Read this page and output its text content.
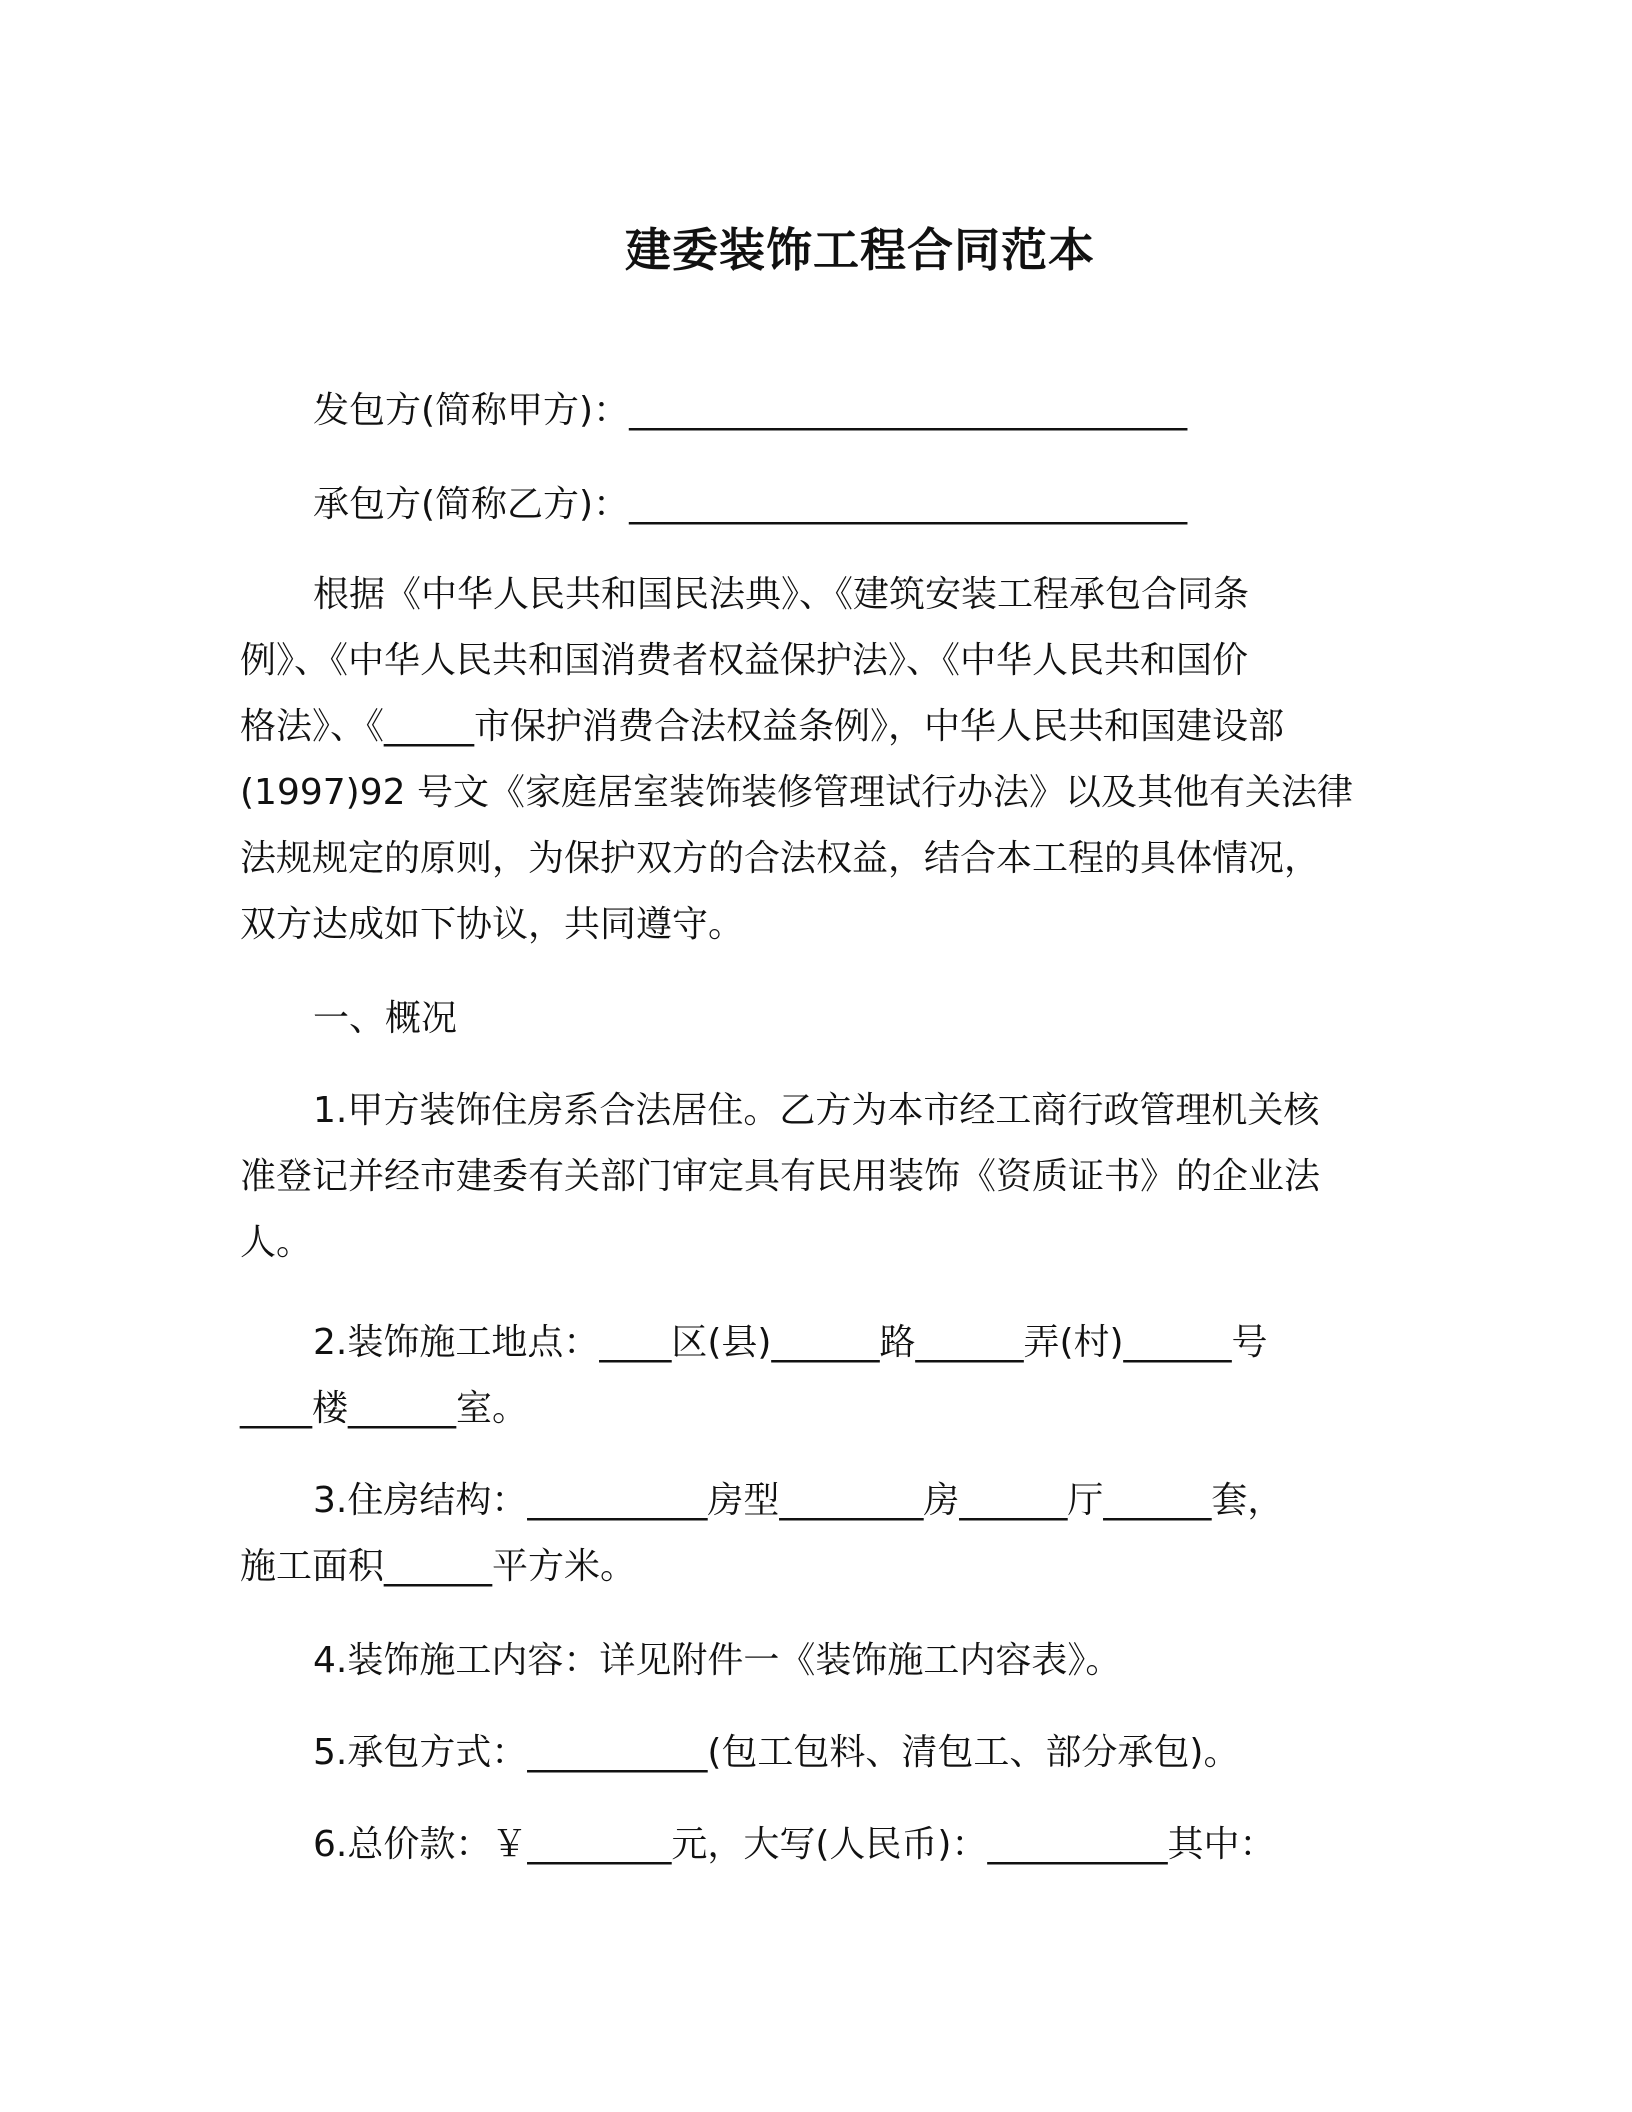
建委装饰工程合同范本
发包方(简称甲方)：_______________________________
承包方(简称乙方)：_______________________________
根据《中华人民共和国民法典》、《建筑安装工程承包合同条
例》、《中华人民共和国消费者权益保护法》、《中华人民共和国价
格法》、《_____市保护消费合法权益条例》，中华人民共和国建设部
(1997)92 号文《家庭居室装饰装修管理试行办法》以及其他有关法律
法规规定的原则，为保护双方的合法权益，结合本工程的具体情况，
双方达成如下协议，共同遵守。
一、概况
1.甲方装饰住房系合法居住。乙方为本市经工商行政管理机关核
准登记并经市建委有关部门审定具有民用装饰《资质证书》的企业法
人。
2.装饰施工地点：____区(县)______路______弄(村)______号
____楼______室。
3.住房结构：__________房型________房______厅______套，
施工面积______平方米。
4.装饰施工内容：详见附件一《装饰施工内容表》。
5.承包方式：__________(包工包料、清包工、部分承包)。
6.总价款：￥________元，大写(人民币)：__________其中：
